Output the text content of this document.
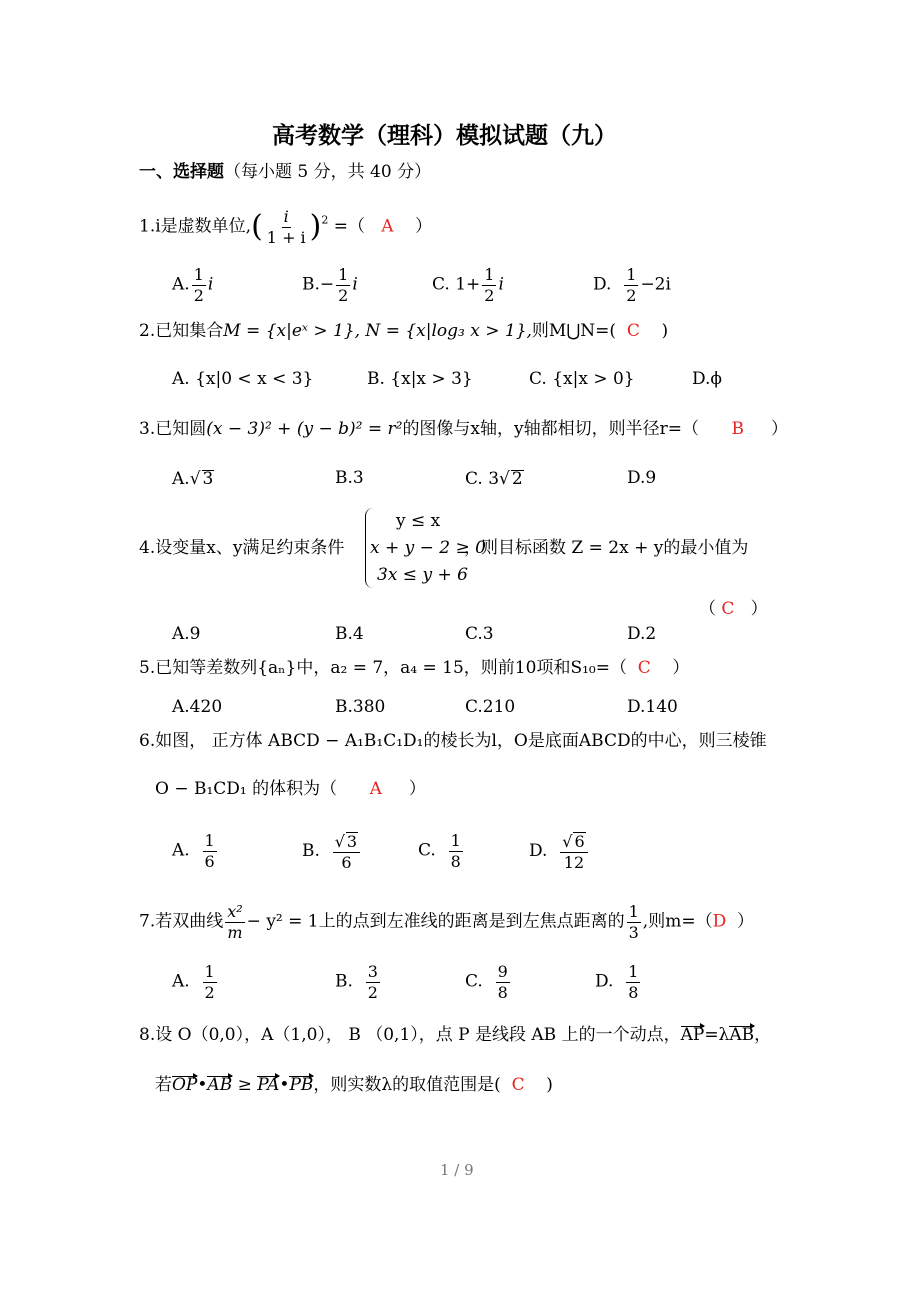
高考数学（理科）模拟试题（九）
一、选择题（每小题 5 分，共 40 分）
1.i是虚数单位,( $\frac{i}{1 + i} )^2$ =（ A ）
A. $\frac{1}{2}$ i	$B.- \frac{1}{2}$ i	C. $1+ \frac{1}{2}$ i	D. $\frac{1}{2} -2i$
2.已知集合M = {x|eˣ > 1}, N = {x|log₃ x > 1},则M⋃N=( C )
A. {x|0 < x < 3}	B. {x|x > 3}	C. {x|x > 0}	D.ϕ
3.已知圆(x − 3)² + (y − b)² = r²的图像与x轴，y轴都相切，则半径r=（ B ）
A.√ 3	B.3	C. 3√ 2	D.9
y ≤ x
x + y − 2 ≥ 0
3x ≤ y + 6
4.设变量x、y满足约束条件	，则目标函数 Z = 2x + y的最小值为
（ C ）
A.9	B.4	C.3	D.2
5.已知等差数列{aₙ}中，a₂ = 7，a₄ = 15，则前10项和S₁₀=（ C ）
A.420	B.380	C.210	D.140
6.如图， 正方体 ABCD − A₁B₁C₁D₁的棱长为l，O是底面ABCD的中心，则三棱锥
O − B₁CD₁ 的体积为（ A ）
A. $\frac{1}{6}$	B. $\frac{√ 3}{6}$	C. $\frac{1}{8}$	D. $\frac{√ 6}{12}$
7.若双曲线 $\frac{\text{x²}}{m} - y^2 = 1$上的点到左准线的距离是到左焦点距离的 $\frac{1}{3}$ ,则m=（D ）
A. $\frac{1}{2}$	B. $\frac{3}{2}$	C. $\frac{9}{8}$	D. $\frac{1}{8}$
8.设 O（0,0），A（1,0）， B （0,1），点 P 是线段 AB 上的一个动点，AP=λAB，
若OP•AB ≥ PA•PB，则实数λ的取值范围是( C )
1 / 9
